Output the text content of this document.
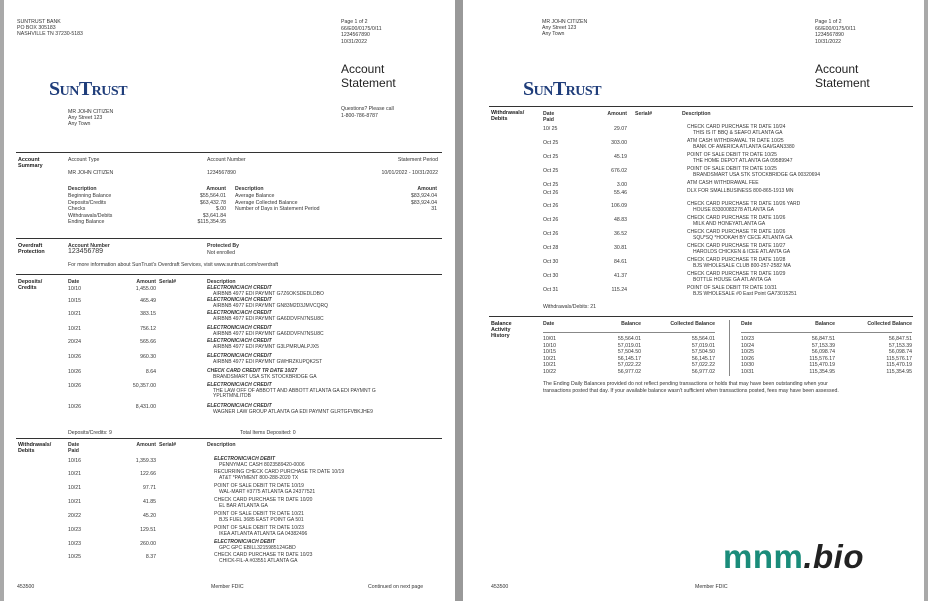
SUNTRUST BANK
PO BOX 305183
NASHVILLE TN 37230-5183
Page 1 of 2
66/E00/0175/0/11
1234567890
10/31/2022
SunTrust
Account
Statement
MR JOHN CITIZEN
Any Street 123
Any Town
Questions? Please call
1-800-786-8787
Account
Summary
Account Type	Account Number	Statement Period
MR JOHN CITIZEN	1234567890	10/01/2022 - 10/31/2022
Description	Amount
Beginning Balance	$55,564.01
Deposits/Credits	$63,432.78
Checks	$.00
Withdrawals/Debits	$3,641.84
Ending Balance	$115,354.95
Description	Amount
Average Balance	$83,924.04
Average Collected Balance	$83,924.04
Number of Days in Statement Period	31
Overdraft
Protection
Account Number	Protected By
123456789	Not enrolled
For more information about SunTrust's Overdraft Services, visit www.suntrust.com/overdraft
Deposits/
Credits
Date	Amount Serial#	Description
10/10	1,455.00	ELECTRONIC/ACH CREDIT
AIRBNB 4977 EDI PAYMNT G7Z6OKSDEDLDBO
10/15	465.49	ELECTRONIC/ACH CREDIT
AIRBNB 4977 EDI PAYMNT GN83M2D3JMVCQRQ
10/21	383.15	ELECTRONIC/ACH CREDIT
AIRBNB 4977 EDI PAYMNT GA6DDVFN7NSU8C
10/21	756.12	ELECTRONIC/ACH CREDIT
AIRBNB 4977 EDI PAYMNT GA6DDVFN7NSU8C
20/24	565.66	ELECTRONIC/ACH CREDIT
AIRBNB 4977 EDI PAYMNT G3LPMRUALPJX5
10/26	960.30	ELECTRONIC/ACH CREDIT
AIRBNB 4977 EDI PAYMNT GWHRZKUPQK2ST
10/26	8.64	CHECK CARD CREDIT TR DATE 10/27
BRANDSMART USA STK STOCKBRIDGE GA
10/26	50,357.00	ELECTRONIC/ACH CREDIT
THE LAW OFF OF ABBOTT AND ABBOTT ATLANTA GA EDI PAYMNT G
YPLRTMNLITDB
10/26	8,431.00	ELECTRONIC/ACH CREDIT
WAGNER LAW GROUP ATLANTA GA EDI PAYMNT GLRTGFVBKJHE9
Deposits/Credits: 9	Total Items Deposited: 0
Withdrawals/
Debits
Date
Paid
Amount Serial#	Description
10/16	1,359.33	ELECTRONIC/ACH DEBIT
PENNYMAC CASH 8023589420-0006
10/21	122.66	RECURRING CHECK CARD PURCHASE TR DATE 10/19
AT&T *PAYMENT 800-288-2020 TX
10/21	97.71	POINT OF SALE DEBIT TR DATE 10/19
WAL-MART #3775 ATLANTA GA 24377521
10/21	41.85	CHECK CARD PURCHASE TR DATE 10/20
EL BAR ATLANTA GA
20/22	45.20	POINT OF SALE DEBIT TR DATE 10/21
BJS FUEL 3685 EAST POINT GA 501
10/23	129.51	POINT OF SALE DEBIT TR DATE 10/23
IKEA ATLANTA ATLANTA GA 04382496
10/23	260.00	ELECTRONIC/ACH DEBIT
GPC GPC EBILL3215985124GBD
10/25	8.37	CHECK CARD PURCHASE TR DATE 10/23
CHICK-FIL-A #03551 ATLANTA GA
453500	Member FDIC	Continued on next page
MR JOHN CITIZEN
Any Street 123
Any Town
Page 1 of 2
66/E00/0175/0/11
1234567890
10/31/2022
SunTrust
Account
Statement
Withdrawals/
Debits
Date
Paid
Amount Serial#	Description
10/ 25	29.07	CHECK CARD PURCHASE TR DATE 10/24
THIS IS IT BBQ & SEAFO ATLANTA GA
Oct 25	303.00	ATM CASH WITHDRAWAL TR DATE 10/25
BANK OF AMERICA ATLANTA GAI/GAN3380
Oct 25	45.19	POINT OF SALE DEBIT TR DATE 10/25
THE HOME DEPOT ATLANTA GA 09589947
Oct 25	676.02	POINT OF SALE DEBIT TR DATE 10/25
BRANDSMART USA STK STOCKBRIDGE GA 00320694
Oct 25	3.00	ATM CASH WITHDRAWAL FEE
Oct 26	55.46	DLX FOR SMALLBUSINESS 800-865-1913 MN
Oct 26	106.09	CHECK CARD PURCHASE TR DATE 10/26 YARD
HOUSE 83300083278 ATLANTA GA
Oct 26	48.83	CHECK CARD PURCHASE TR DATE 10/26
MILK AND HONEYATLANTA GA
Oct 26	36.52	CHECK CARD PURCHASE TR DATE 10/26
SQU*SQ *HOOKAH BY CECE ATLANTA GA
Oct 28	30.81	CHECK CARD PURCHASE TR DATE 10/27
HAROLDS CHICKEN & ICEE ATLANTA GA
Oct 30	84.61	CHECK CARD PURCHASE TR DATE 10/28
BJS WHOLESALE CLUB 800-257-2582 MA
Oct 30	41.37	CHECK CARD PURCHASE TR DATE 10/29
BOTTLE HOUSE GA ATLANTA GA
Oct 31	115.24	POINT OF SALE DEBIT TR DATE 10/31
BJS WHOLESALE #0 East Point GA73015251
Withdrawals/Debits: 21
Balance
Activity
History
Date	Balance	Collected Balance	Date	Balance	Collected Balance
10/01	55,564.01	55,564.01
10/10	57,019.01	57,019.01
10/15	57,504.50	57,504.50
10/21	56,145.17	56,145.17
10/21	57,022.22	57,022.22
10/22	56,977.02	56,977.02
10/23	56,847.51	56,847.51
10/24	57,153.39	57,153.39
10/25	56,098.74	56,098.74
10/26	115,576.17	115,576.17
10/30	115,470.19	115,470.19
10/31	115,354.95	115,354.95
The Ending Daily Balances provided do not reflect pending transactions or holds that may have been outstanding when your
transactions posted that day. If your available balance wasn't sufficient when transactions posted, fees may have been assessed.
453500	Member FDIC
mnm.bio
